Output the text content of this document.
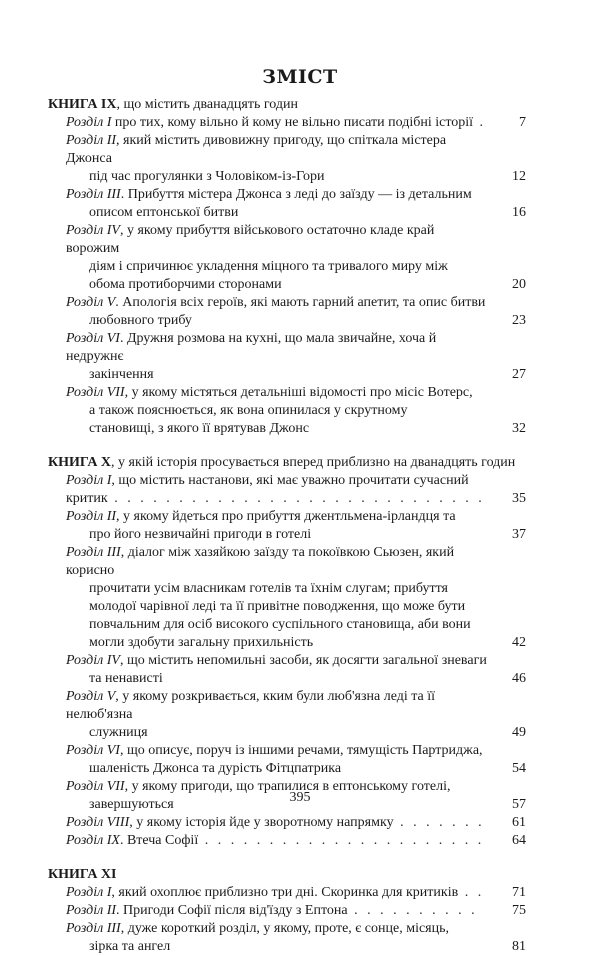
ЗМІСТ
КНИГА IX, що містить дванадцять годин
Розділ I про тих, кому вільно й кому не вільно писати подібні історії .	7
Розділ II, який містить дивовижну пригоду, що спіткала містера Джонса
під час прогулянки з Чоловіком-із-Гори	12
Розділ III. Прибуття містера Джонса з леді до заїзду — із детальним
описом ептонської битви	16
Розділ IV, у якому прибуття військового остаточно кладе край ворожим
діям і спричинює укладення міцного та тривалого миру між
обома протиборчими сторонами	20
Розділ V. Апологія всіх героїв, які мають гарний апетит, та опис битви
любовного трибу	23
Розділ VI. Дружня розмова на кухні, що мала звичайне, хоча й недружнє
закінчення	27
Розділ VII, у якому містяться детальніші відомості про місіс Вотерс,
а також пояснюється, як вона опинилася у скрутному
становищі, з якого її врятував Джонс	32
КНИГА X, у якій історія просувається вперед приблизно на дванадцять годин
Розділ I, що містить настанови, які має уважно прочитати сучасний критик . . . . . . . . . . . . . . . . . . . . . . . . . . . . .	35
Розділ II, у якому йдеться про прибуття джентльмена-ірландця та
про його незвичайні пригоди в готелі	37
Розділ III, діалог між хазяйкою заїзду та покоївкою Сьюзен, який корисно
прочитати усім власникам готелів та їхнім слугам; прибуття
молодої чарівної леді та її привітне поводження, що може бути
повчальним для осіб високого суспільного становища, аби вони
могли здобути загальну прихильність	42
Розділ IV, що містить непомильні засоби, як досягти загальної зневаги
та ненависті	46
Розділ V, у якому розкривається, кким були люб'язна леді та її нелюб'язна
служниця	49
Розділ VI, що описує, поруч із іншими речами, тямущість Партриджа,
шаленість Джонса та дурість Фітцпатрика	54
Розділ VII, у якому пригоди, що трапилися в ептонському готелі,
завершуються	57
Розділ VIII, у якому історія йде у зворотному напрямку . . . . . . .	61
Розділ IX. Втеча Софії . . . . . . . . . . . . . . . . . . . . . .	64
КНИГА XI
Розділ I, який охоплює приблизно три дні. Скоринка для критиків . .	71
Розділ II. Пригоди Софії після від'їзду з Ептона . . . . . . . . . .	75
Розділ III, дуже короткий розділ, у якому, проте, є сонце, місяць,
зірка та ангел	81
395
